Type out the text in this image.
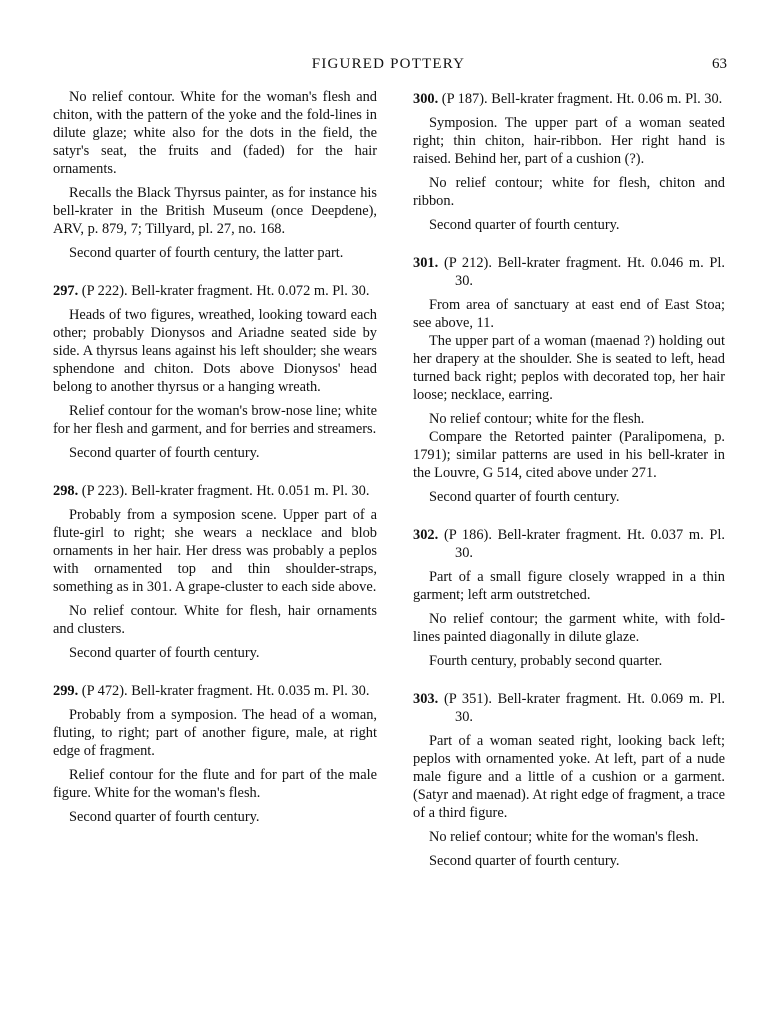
FIGURED POTTERY	63

No relief contour. White for the woman's flesh and chiton, with the pattern of the yoke and the fold-lines in dilute glaze; white also for the dots in the field, the satyr's seat, the fruits and (faded) for the hair ornaments.

Recalls the Black Thyrsus painter, as for instance his bell-krater in the British Museum (once Deepdene), ARV, p. 879, 7; Tillyard, pl. 27, no. 168.

Second quarter of fourth century, the latter part.

297. (P 222). Bell-krater fragment. Ht. 0.072 m. Pl. 30.

Heads of two figures, wreathed, looking toward each other; probably Dionysos and Ariadne seated side by side. A thyrsus leans against his left shoulder; she wears sphendone and chiton. Dots above Dionysos' head belong to another thyrsus or a hanging wreath.

Relief contour for the woman's brow-nose line; white for her flesh and garment, and for berries and streamers.

Second quarter of fourth century.

298. (P 223). Bell-krater fragment. Ht. 0.051 m. Pl. 30.

Probably from a symposion scene. Upper part of a flute-girl to right; she wears a necklace and blob ornaments in her hair. Her dress was probably a peplos with ornamented top and thin shoulder-straps, something as in 301. A grape-cluster to each side above.

No relief contour. White for flesh, hair ornaments and clusters.

Second quarter of fourth century.

299. (P 472). Bell-krater fragment. Ht. 0.035 m. Pl. 30.

Probably from a symposion. The head of a woman, fluting, to right; part of another figure, male, at right edge of fragment.

Relief contour for the flute and for part of the male figure. White for the woman's flesh.

Second quarter of fourth century.

300. (P 187). Bell-krater fragment. Ht. 0.06 m. Pl. 30.

Symposion. The upper part of a woman seated right; thin chiton, hair-ribbon. Her right hand is raised. Behind her, part of a cushion (?).

No relief contour; white for flesh, chiton and ribbon.

Second quarter of fourth century.

301. (P 212). Bell-krater fragment. Ht. 0.046 m. Pl. 30.

From area of sanctuary at east end of East Stoa; see above, 11.

The upper part of a woman (maenad ?) holding out her drapery at the shoulder. She is seated to left, head turned back right; peplos with decorated top, her hair loose; necklace, earring.

No relief contour; white for the flesh.

Compare the Retorted painter (Paralipomena, p. 1791); similar patterns are used in his bell-krater in the Louvre, G 514, cited above under 271.

Second quarter of fourth century.

302. (P 186). Bell-krater fragment. Ht. 0.037 m. Pl. 30.

Part of a small figure closely wrapped in a thin garment; left arm outstretched.

No relief contour; the garment white, with fold-lines painted diagonally in dilute glaze.

Fourth century, probably second quarter.

303. (P 351). Bell-krater fragment. Ht. 0.069 m. Pl. 30.

Part of a woman seated right, looking back left; peplos with ornamented yoke. At left, part of a nude male figure and a little of a cushion or a garment. (Satyr and maenad). At right edge of fragment, a trace of a third figure.

No relief contour; white for the woman's flesh.

Second quarter of fourth century.
